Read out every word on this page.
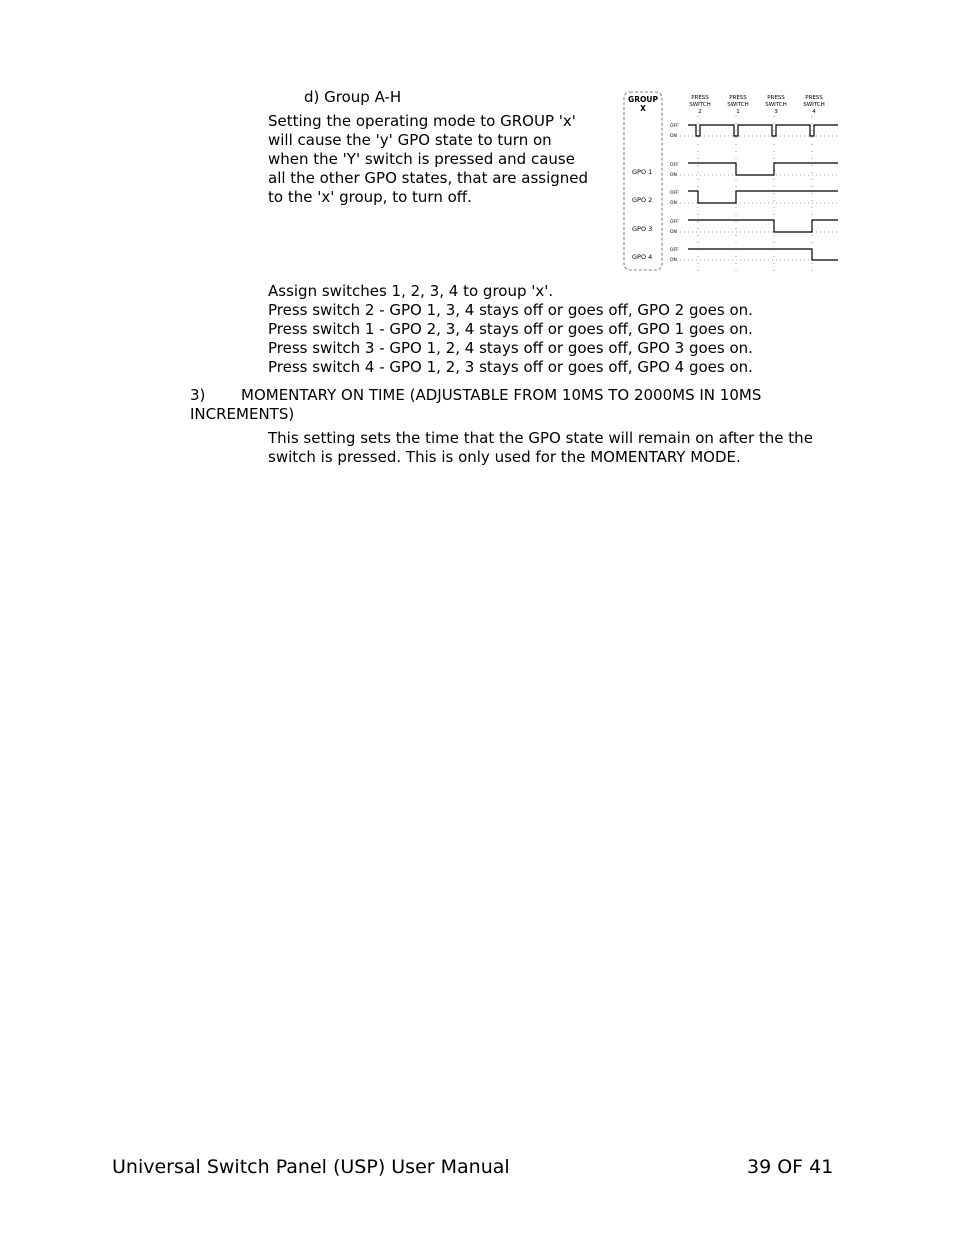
d) Group A-H
Setting the operating mode to GROUP 'x'
will cause the 'y' GPO state to turn on
when the 'Y' switch is pressed and cause
all the other GPO states, that are assigned
to the 'x' group, to turn off.
GROUP
X
PRESS
SWITCH
2
PRESS
SWITCH
1
PRESS
SWITCH
3
PRESS
SWITCH
4
OFF
ON
GPO 1
OFF
ON
GPO 2
OFF
ON
GPO 3
OFF
ON
GPO 4
OFF
ON
Assign switches 1, 2, 3, 4 to group 'x'.
Press switch 2 - GPO 1, 3, 4 stays off or goes off, GPO 2 goes on.
Press switch 1 - GPO 2, 3, 4 stays off or goes off, GPO 1 goes on.
Press switch 3 - GPO 1, 2, 4 stays off or goes off, GPO 3 goes on.
Press switch 4 - GPO 1, 2, 3 stays off or goes off, GPO 4 goes on.
3) MOMENTARY ON TIME (ADJUSTABLE FROM 10MS TO 2000MS IN 10MS
INCREMENTS)
This setting sets the time that the GPO state will remain on after the the
switch is pressed. This is only used for the MOMENTARY MODE.
Universal Switch Panel (USP) User Manual	39 OF 41
